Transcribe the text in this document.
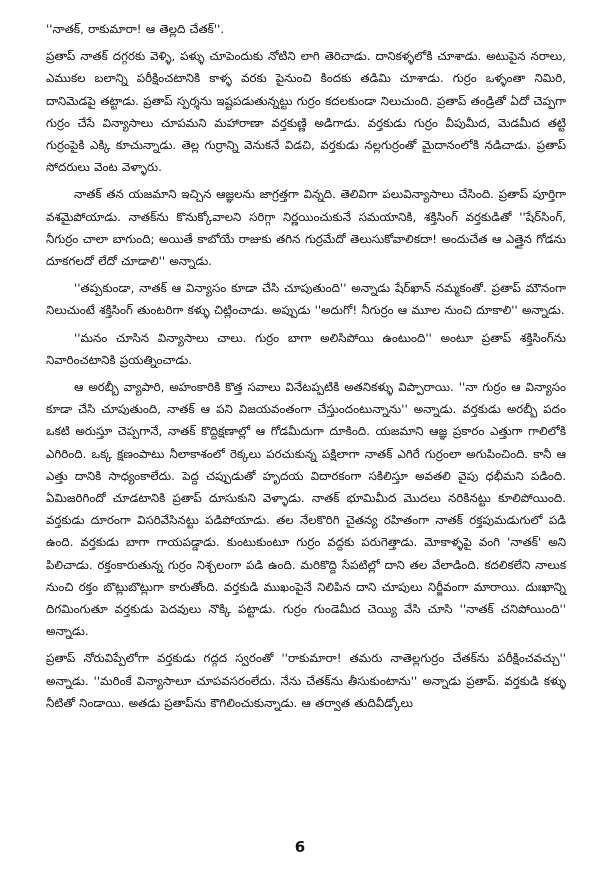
''నాతక్, రాకుమారా! ఆ తెల్లది చేతక్''.

ప్రతాప్ నాతక్ దగ్గరకు వెళ్ళి, పళ్ళు చూపెందుకు నోటిని లాగి తెరిచాడు. దానికళ్ళలోకి చూశాడు. అటుపైన నరాలు, ఎముకల బలాన్ని పరీక్షించటానికి కాళ్ళ వరకు పైనుంచి కిందకు తడిమి చూశాడు. గుర్రం ఒళ్ళంతా నిమిరి, దానిమెడపై తట్టాడు. ప్రతాప్ స్పర్శను ఇష్టపడుతున్నట్టు గుర్రం కదలకుండా నిలుచుంది. ప్రతాప్ తండ్రితో ఏదో చెప్పగా గుర్రం చేసే విన్యాసాలు చూపమని మహారాణా వర్తకుణ్ణి అడిగాడు. వర్తకుడు గుర్రం వీపుమీద, మెడమీద తట్టి గుర్రంపైకి ఎక్కి కూచున్నాడు. తెల్ల గుర్రాన్ని వెనుకనే విడచి, వర్తకుడు నల్లగుర్రంతో మైదానంలోకి నడిచాడు. ప్రతాప్ సోదరులు వెంట వెళ్ళారు.

నాతక్ తన యజమాని ఇచ్చిన ఆజ్ఞలను జాగ్రత్తగా విన్నది. తెలివిగా పలువిన్యాసాలు చేసింది. ప్రతాప్ పూర్తిగా వశమైపోయాడు. నాతక్‌ను కొనుక్కోవాలని సరిగ్గా నిర్ణయించుకునే సమయానికి, శక్తిసింగ్ వర్తకుడితో ''షేర్‌సింగ్, నీగుర్రం చాలా బాగుంది; అయితే కాబోయే రాజుకు తగిన గుర్రమేదో తెలుసుకోవాలికదా! అందుచేత ఆ ఎత్తైన గోడను దూకగలదో లేదో చూడాలి'' అన్నాడు.

''తప్పకుండా, నాతక్ ఆ విన్యాసం కూడా చేసి చూపుతుంది'' అన్నాడు షేర్‌ఖాన్ నమ్మకంతో. ప్రతాప్ మౌనంగా నిలుచుంటే శక్తిసింగ్ తుంటరిగా కళ్ళు చిట్లించాడు. అప్పుడు ''అదుగో! నీగుర్రం ఆ మూల నుంచి దూకాలి'' అన్నాడు.

''మనం చూసిన విన్యాసాలు చాలు. గుర్రం బాగా అలిసిపోయి ఉంటుంది'' అంటూ ప్రతాప్ శక్తిసింగ్‌ను నివారించటానికి ప్రయత్నించాడు.

ఆ అరబ్బీ వ్యాపారి, అహంకారికి కొత్త సవాలు వినేటప్పటికి అతనికళ్ళు విప్పారాయి. ''నా గుర్రం ఆ విన్యాసం కూడా చేసి చూపుతుంది, నాతక్ ఆ పని విజయవంతంగా చేస్తుందంటున్నాను'' అన్నాడు. వర్తకుడు అరబ్బీ పదం ఒకటి అరుస్తూ చెప్పగానే, నాతక్ కొద్దిక్షణాల్లో ఆ గోడమీదుగా దూకింది. యజమాని ఆజ్ఞ ప్రకారం ఎత్తుగా గాలిలోకి ఎగిరింది. ఒక్క క్షణంపాటు నీలాకాశంలో రెక్కలు పరచుకున్న పక్షిలాగా నాతక్ ఎగిరే గుర్రంలా అగుపించింది. కానీ ఆ ఎత్తు దానికి సాధ్యంకాలేదు. పెద్ద చప్పుడుతో హృదయ విదారకంగా సకిలిస్తూ అవతలి వైపు ధభీమని పడింది. ఏమిజరిగిందో చూడటానికి ప్రతాప్ దూసుకుని వెళ్ళాడు. నాతక్ భూమిమీద మొదలు నరికినట్టు కూలిపోయింది. వర్తకుడు దూరంగా విసరివేసినట్టు పడిపోయాడు. తల నేలకొరిగి చైతన్య రహితంగా నాతక్ రక్తపుమడుగులో పడి ఉంది. వర్తకుడు బాగా గాయపడ్డాడు. కుంటుకుంటూ గుర్రం వద్దకు పరుగెత్తాడు. మోకాళ్ళపై వంగి 'నాతక్' అని పిలిచాడు. రక్తంకారుతున్న గుర్రం నిశ్చలంగా పడి ఉంది. మరికొద్ది సేపటిల్లో దాని తల వేలాడింది. కదలికలేని నాలుక నుంచి రక్తం బొట్లుబొట్లుగా కారుతోంది. వర్తకుడి ముఖంపైనే నిలిపిన దాని చూపులు నిర్జీవంగా మారాయి. దుఃఖాన్ని దిగమింగుతూ వర్తకుడు పెదవులు నొక్కి పట్టాడు. గుర్రం గుండెమీద చెయ్యి వేసి చూసి ''నాతక్ చనిపోయింది'' అన్నాడు.

ప్రతాప్ నోరువిప్పేలోగా వర్తకుడు గద్గద స్వరంతో ''రాకుమారా! తమరు నాతెల్లగుర్రం చేతక్‌ను పరీక్షించవచ్చు'' అన్నాడు. ''మరింకే విన్యాసాలూ చూపవసరంలేదు. నేను చేతక్‌ను తీసుకుంటాను'' అన్నాడు ప్రతాప్. వర్తకుడి కళ్ళు నీటితో నిండాయి. అతడు ప్రతాప్‌ను కౌగిలించుకున్నాడు. ఆ తర్వాత తుదివీడ్కోలు

6
